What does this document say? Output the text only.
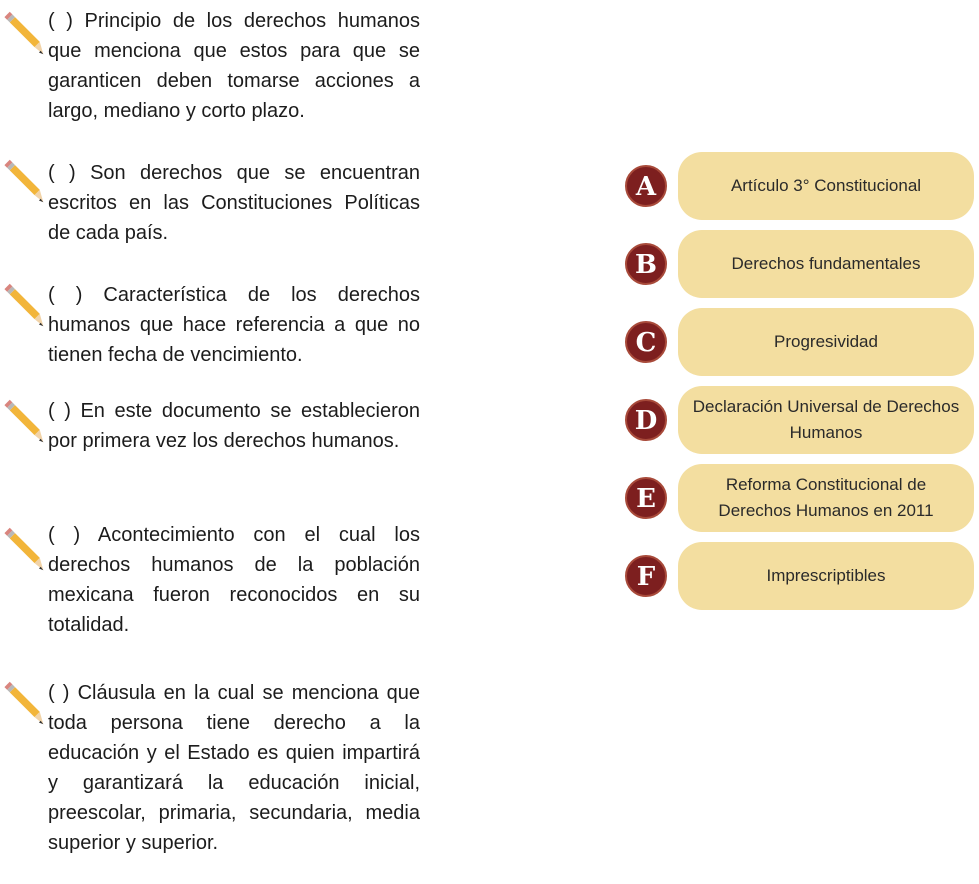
( ) Principio de los derechos humanos que menciona que estos para que se garanticen deben tomarse acciones a largo, mediano y corto plazo.
( ) Son derechos que se encuentran escritos en las Constituciones Políticas de cada país.
( ) Característica de los derechos humanos que hace referencia a que no tienen fecha de vencimiento.
( ) En este documento se establecieron por primera vez los derechos humanos.
( ) Acontecimiento con el cual los derechos humanos de la población mexicana fueron reconocidos en su totalidad.
( ) Cláusula en la cual se menciona que toda persona tiene derecho a la educación y el Estado es quien impartirá y garantizará la educación inicial, preescolar, primaria, secundaria, media superior y superior.
A	Artículo 3° Constitucional
B	Derechos fundamentales
C	Progresividad
D	Declaración Universal de Derechos Humanos
E	Reforma Constitucional de Derechos Humanos en 2011
F	Imprescriptibles
